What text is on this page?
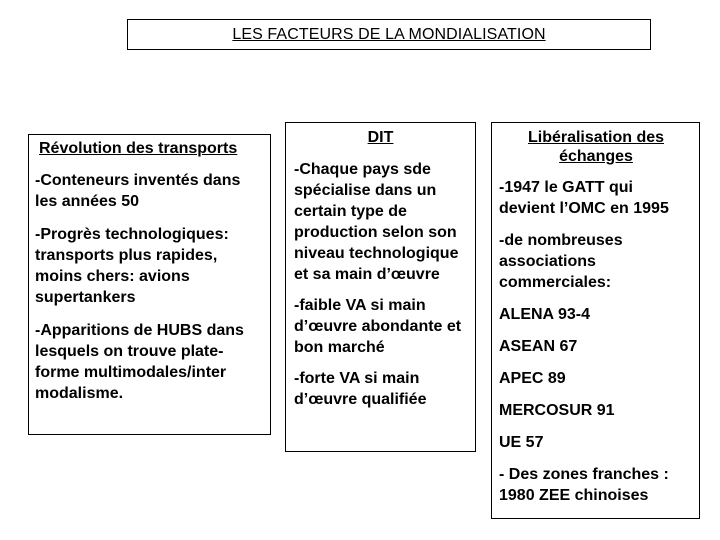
LES FACTEURS DE LA MONDIALISATION
Révolution des transports
-Conteneurs inventés dans les années 50
-Progrès technologiques: transports plus rapides, moins chers: avions supertankers
-Apparitions de HUBS dans lesquels on trouve plate-forme multimodales/inter modalisme.
DIT
-Chaque pays sde spécialise dans un certain type de production selon son niveau technologique et sa main d’œuvre
-faible VA si main d’œuvre abondante et bon marché
-forte VA si main d’œuvre qualifiée
Libéralisation des échanges
-1947 le GATT qui devient l’OMC en 1995
-de nombreuses associations commerciales:
ALENA 93-4
ASEAN 67
APEC 89
MERCOSUR 91
UE 57
- Des zones franches : 1980 ZEE chinoises
